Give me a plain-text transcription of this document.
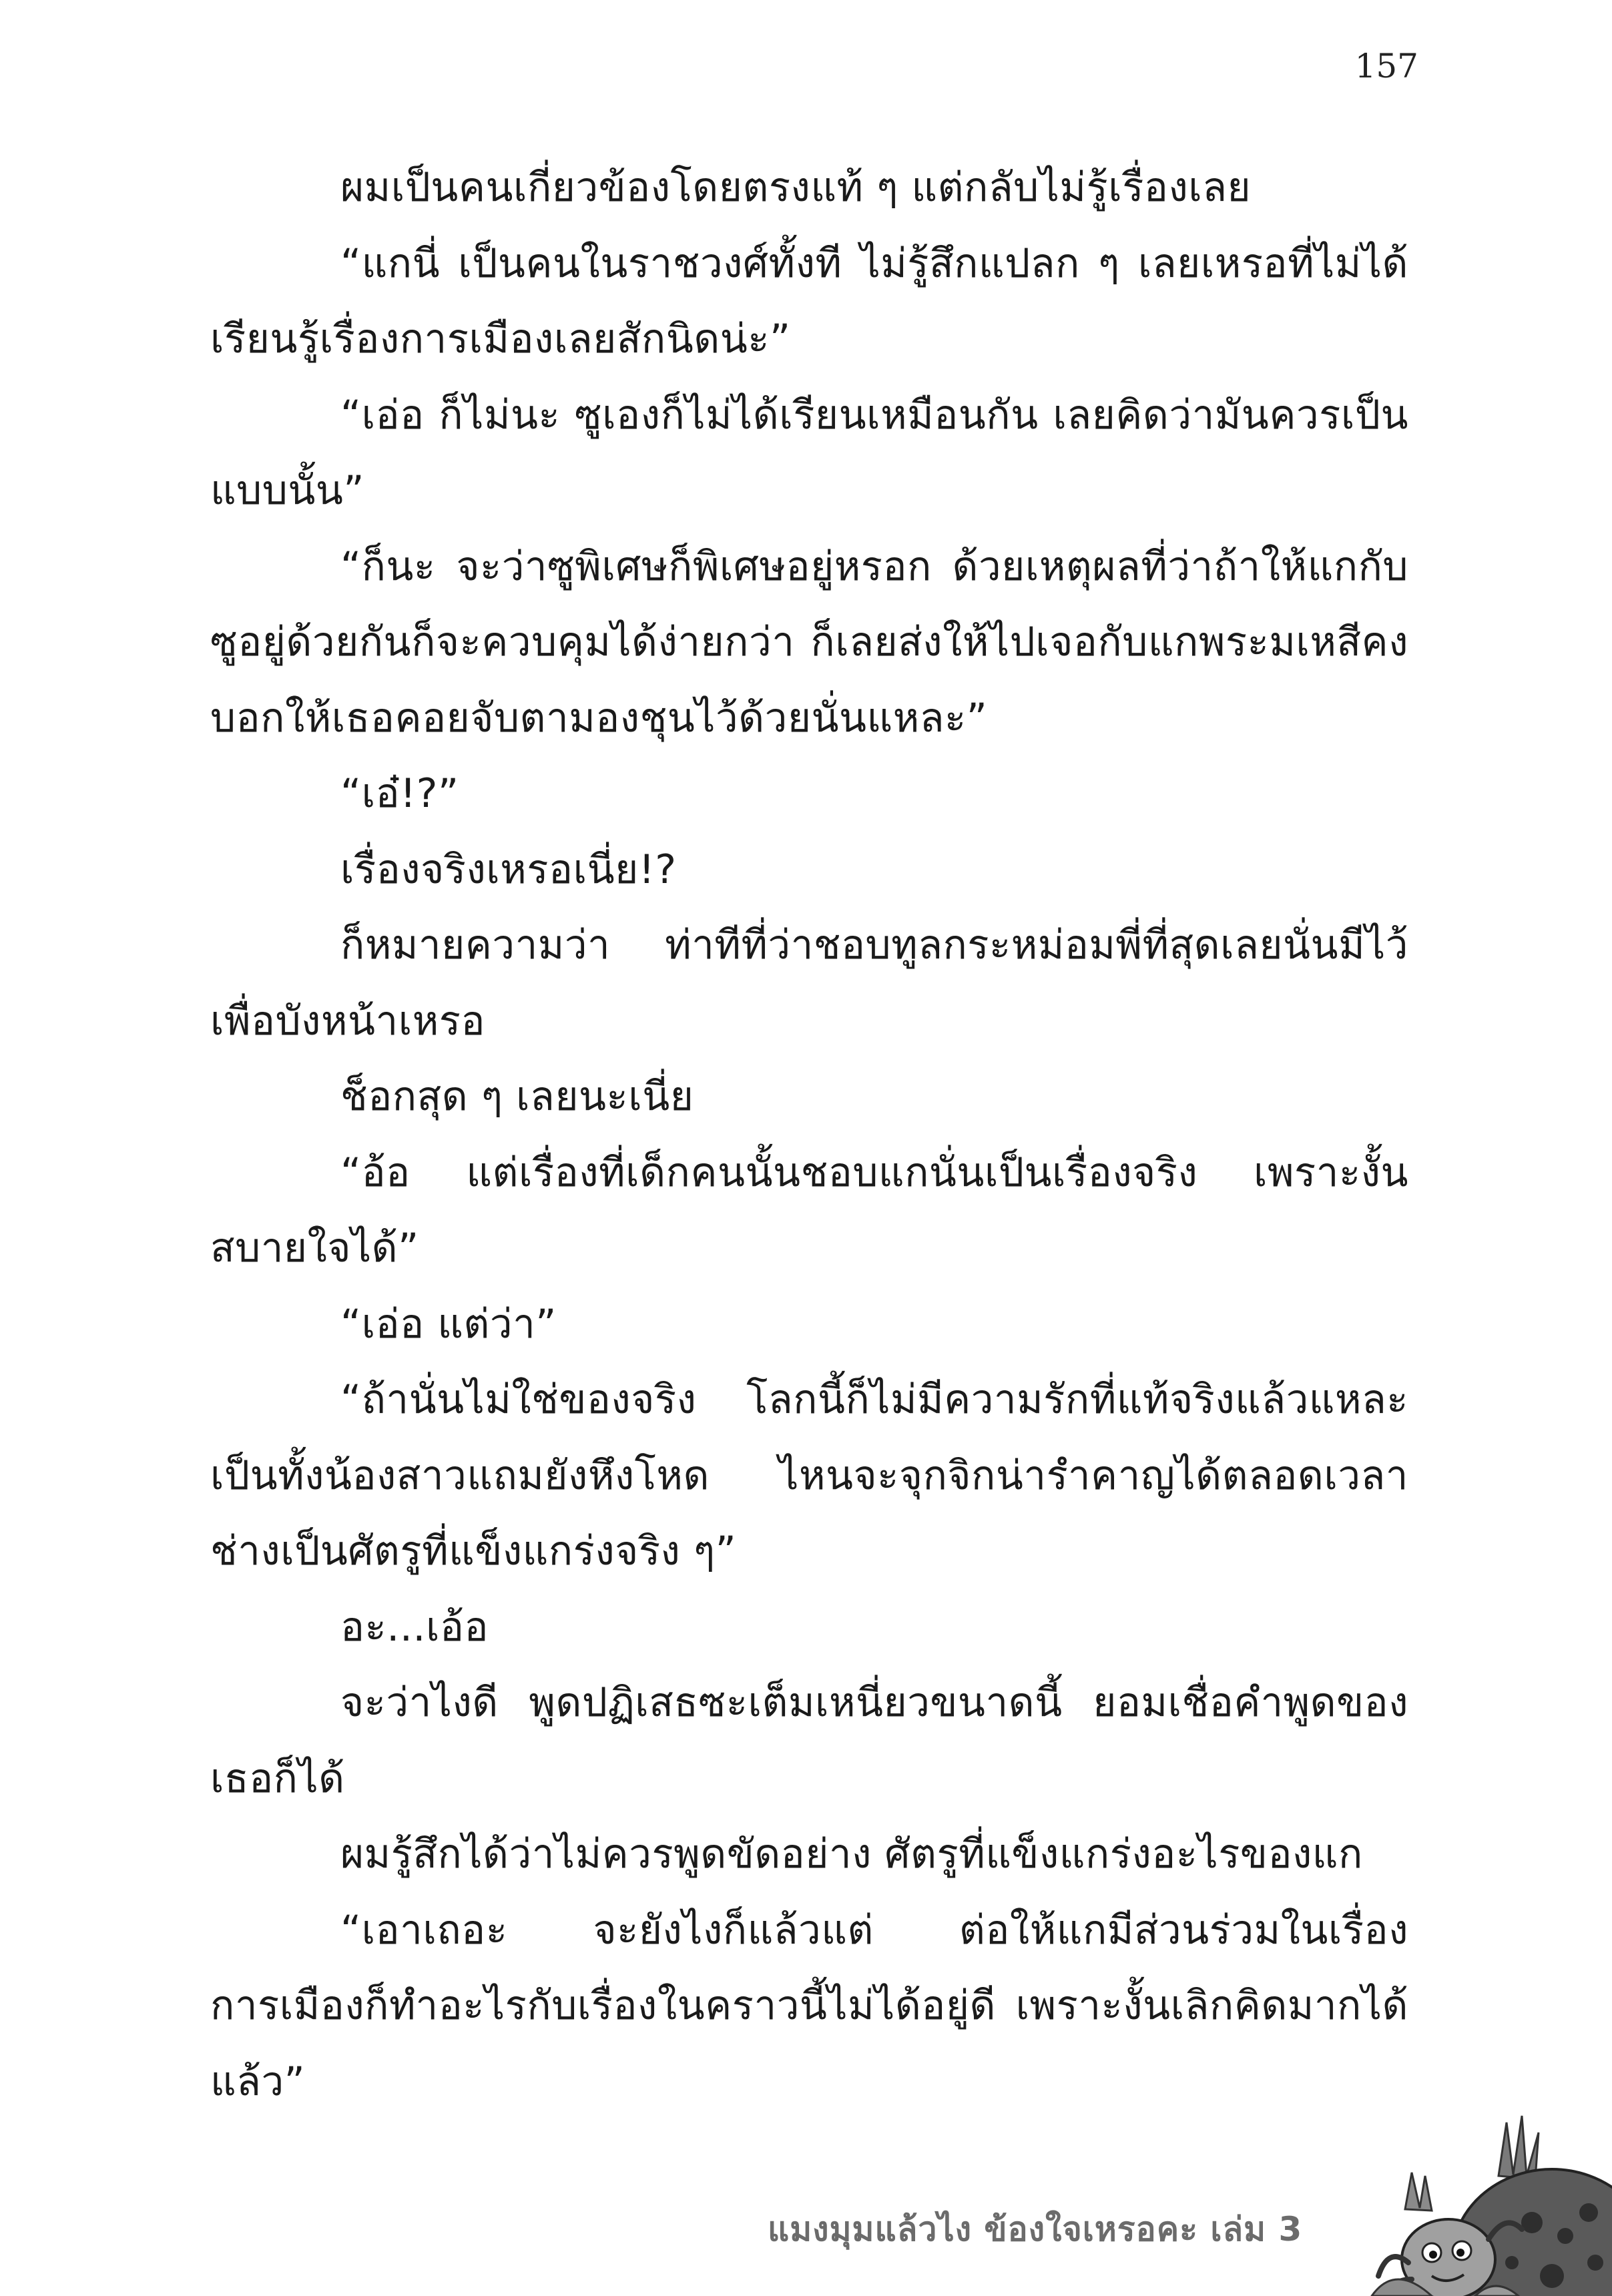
157

ผมเป็นคนเกี่ยวข้องโดยตรงแท้ ๆ แต่กลับไม่รู้เรื่องเลย

“แกนี่ เป็นคนในราชวงศ์ทั้งที ไม่รู้สึกแปลก ๆ เลยเหรอที่ไม่ได้เรียนรู้เรื่องการเมืองเลยสักนิดน่ะ”

“เอ่อ ก็ไม่นะ ซูเองก็ไม่ได้เรียนเหมือนกัน เลยคิดว่ามันควรเป็นแบบนั้น”

“ก็นะ จะว่าซูพิเศษก็พิเศษอยู่หรอก ด้วยเหตุผลที่ว่าถ้าให้แกกับซูอยู่ด้วยกันก็จะควบคุมได้ง่ายกว่า ก็เลยส่งให้ไปเจอกับแกพระมเหสีคงบอกให้เธอคอยจับตามองชุนไว้ด้วยนั่นแหละ”

“เอ๋!?”

เรื่องจริงเหรอเนี่ย!?

ก็หมายความว่า ท่าทีที่ว่าชอบทูลกระหม่อมพี่ที่สุดเลยนั่นมีไว้เพื่อบังหน้าเหรอ

ช็อกสุด ๆ เลยนะเนี่ย

“อ้อ แต่เรื่องที่เด็กคนนั้นชอบแกนั่นเป็นเรื่องจริง เพราะงั้นสบายใจได้”

“เอ่อ แต่ว่า”

“ถ้านั่นไม่ใช่ของจริง โลกนี้ก็ไม่มีความรักที่แท้จริงแล้วแหละ เป็นทั้งน้องสาวแถมยังหึงโหด ไหนจะจุกจิกน่ารำคาญได้ตลอดเวลา ช่างเป็นศัตรูที่แข็งแกร่งจริง ๆ”

อะ...เอ้อ

จะว่าไงดี พูดปฏิเสธซะเต็มเหนี่ยวขนาดนี้ ยอมเชื่อคำพูดของเธอก็ได้

ผมรู้สึกได้ว่าไม่ควรพูดขัดอย่าง ศัตรูที่แข็งแกร่งอะไรของแก

“เอาเถอะ จะยังไงก็แล้วแต่ ต่อให้แกมีส่วนร่วมในเรื่องการเมืองก็ทำอะไรกับเรื่องในคราวนี้ไม่ได้อยู่ดี เพราะงั้นเลิกคิดมากได้แล้ว”

แมงมุมแล้วไง ข้องใจเหรอคะ เล่ม 3
